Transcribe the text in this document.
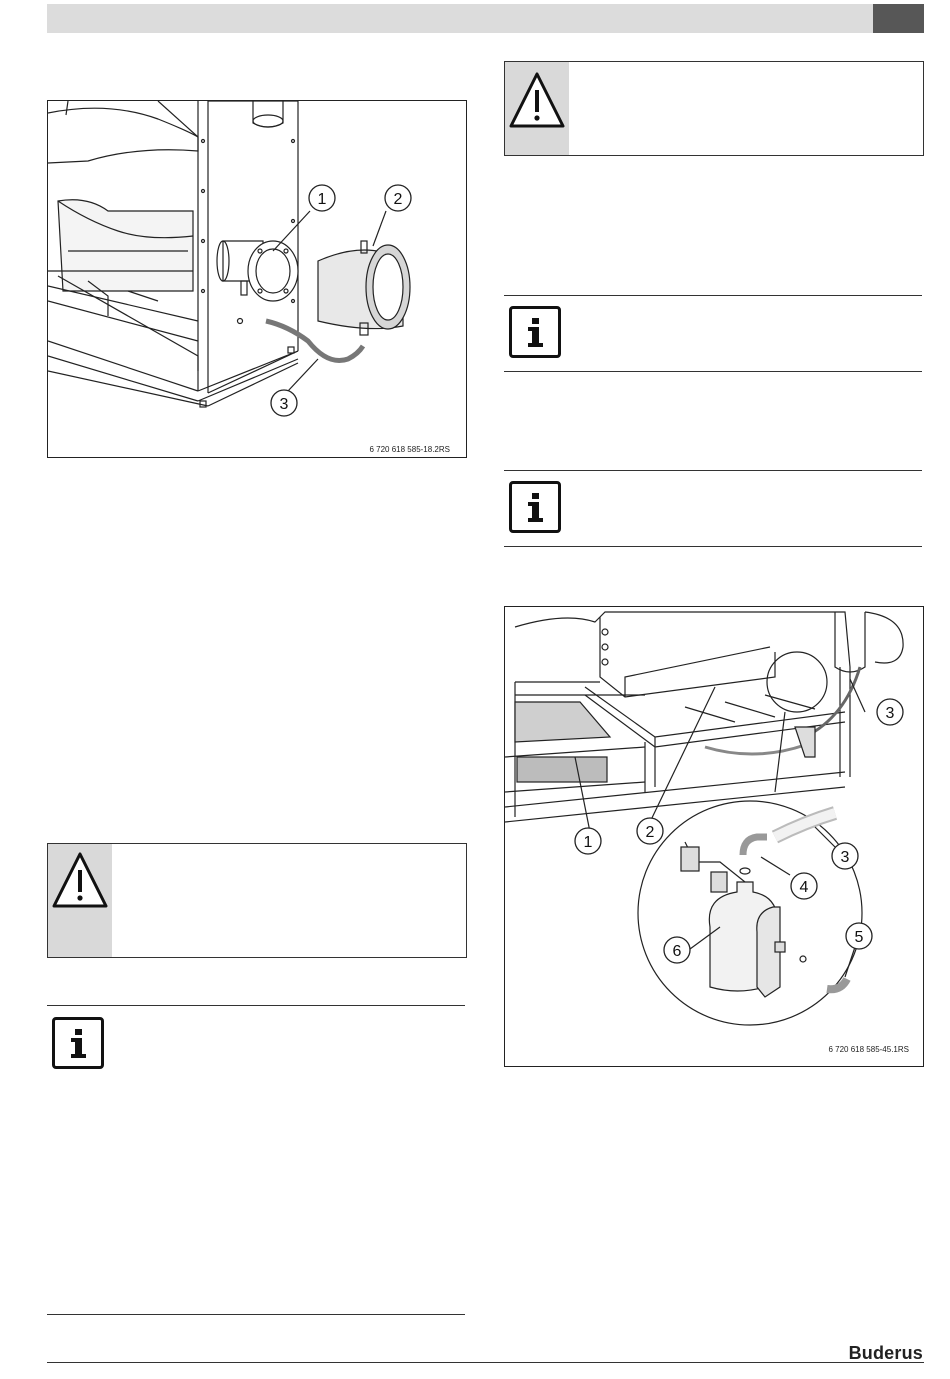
1	2
3
6 720 618 585-18.2RS
1
2
3
3
4
5
6
6 720 618 585-45.1RS
Buderus
